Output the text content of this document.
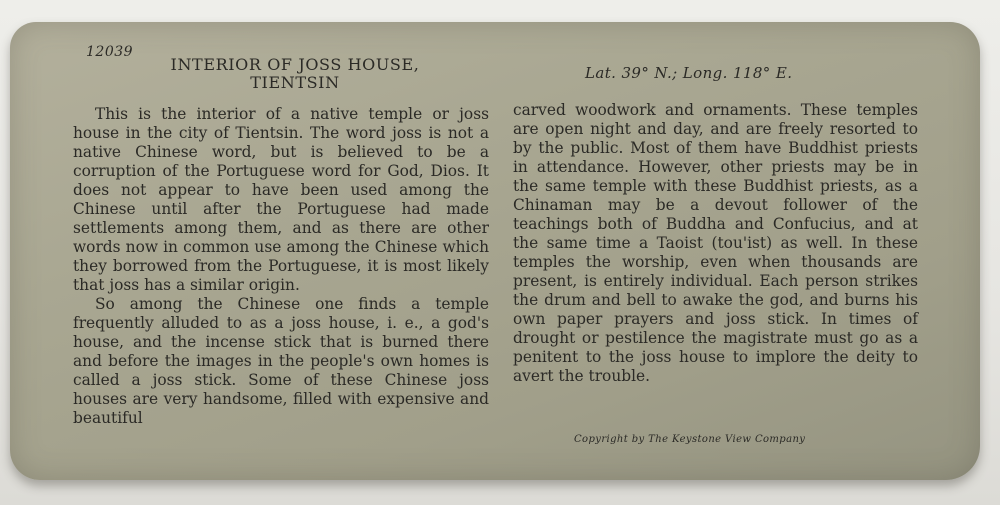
12039
INTERIOR OF JOSS HOUSE,
TIENTSIN	Lat. 39° N.; Long. 118° E.

This is the interior of a native temple or joss house in the city of Tientsin. The word joss is not a native Chinese word, but is believed to be a corruption of the Portuguese word for God, Dios. It does not appear to have been used among the Chinese until after the Portuguese had made settlements among them, and as there are other words now in common use among the Chinese which they borrowed from the Portuguese, it is most likely that joss has a similar origin.

So among the Chinese one finds a temple frequently alluded to as a joss house, i. e., a god's house, and the incense stick that is burned there and before the images in the people's own homes is called a joss stick. Some of these Chinese joss houses are very handsome, filled with expensive and beautiful

carved woodwork and ornaments. These temples are open night and day, and are freely resorted to by the public. Most of them have Buddhist priests in attendance. However, other priests may be in the same temple with these Buddhist priests, as a Chinaman may be a devout follower of the teachings both of Buddha and Confucius, and at the same time a Taoist (tou'ist) as well. In these temples the worship, even when thousands are present, is entirely individual. Each person strikes the drum and bell to awake the god, and burns his own paper prayers and joss stick. In times of drought or pestilence the magistrate must go as a penitent to the joss house to implore the deity to avert the trouble.

Copyright by The Keystone View Company
